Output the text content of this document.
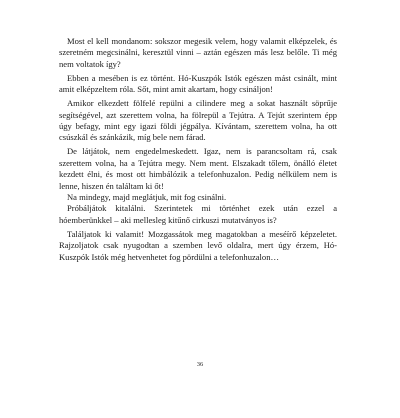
Most el kell mondanom: sokszor megesik velem, hogy valamit elképzelek, és szeretném megcsinálni, keresztül vinni – aztán egészen más lesz belőle. Ti még nem voltatok így?

Ebben a mesében is ez történt. Hó-Kuszpók Istók egészen mást csinált, mint amit elképzeltem róla. Sőt, mint amit akartam, hogy csináljon!

Amikor elkezdett fölfelé repülni a cilindere meg a sokat használt söprűje segítségével, azt szerettem volna, ha fölrepül a Tejútra. A Tejút szerintem épp úgy befagy, mint egy igazi földi jégpálya. Kívántam, szerettem volna, ha ott csúszkál és szánkázik, míg bele nem fárad.

De látjátok, nem engedelmeskedett. Igaz, nem is parancsoltam rá, csak szerettem volna, ha a Tejútra megy. Nem ment. Elszakadt tőlem, önálló életet kezdett élni, és most ott himbálózik a telefonhuzalon. Pedig nélkülem nem is lenne, hiszen én találtam ki őt!

Na mindegy, majd meglátjuk, mit fog csinálni.

Próbáljátok kitalálni. Szerintetek mi történhet ezek után ezzel a hóemberünkkel – aki mellesleg kitűnő cirkuszi mutatványos is?

Találjatok ki valamit! Mozgassátok meg magatokban a meséírő képzeletet. Rajzoljatok csak nyugodtan a szemben levő oldalra, mert úgy érzem, Hó-Kuszpók Istók még hetvenhetet fog pördülni a telefonhuzalon…

36
